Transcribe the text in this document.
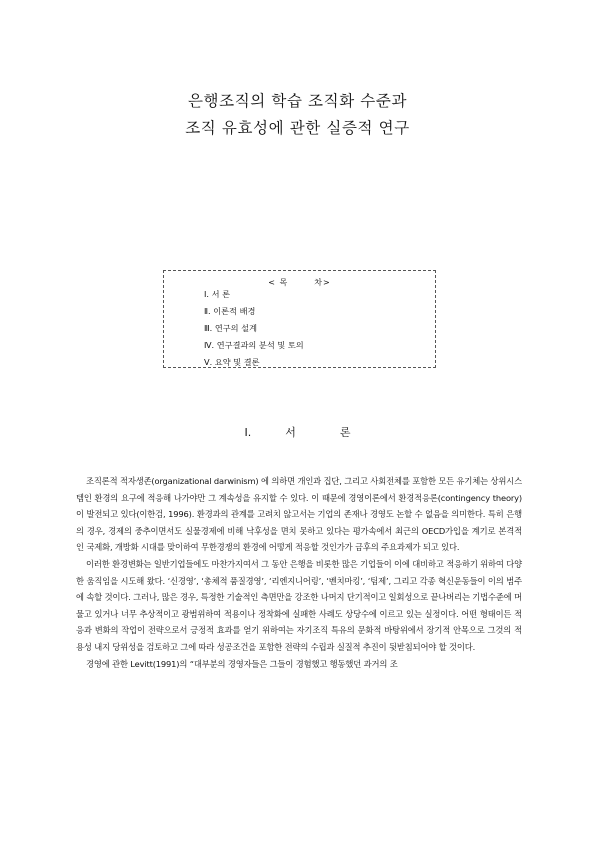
은행조직의 학습 조직화 수준과
조직 유효성에 관한 실증적 연구
< 목	차>
Ⅰ. 서 론
Ⅱ. 이론적 배경
Ⅲ. 연구의 설계
Ⅳ. 연구결과의 분석 및 토의
Ⅴ. 요약 및 결론
Ⅰ.	서	론

조직론적 적자생존(organizational darwinism) 에 의하면 개인과 집단, 그리고 사회전체를 포함한 모든 유기체는 상위시스템인 환경의 요구에 적응해 나가야만 그 계속성을 유지할 수 있다. 이 때문에 경영이론에서 환경적응론(contingency theory)이 발전되고 있다(이한검, 1996). 환경과의 관계를 고려치 않고서는 기업의 존재나 경영도 논할 수 없음을 의미한다. 특히 은행의 경우, 경제의 중추이면서도 실물경제에 비해 낙후성을 면치 못하고 있다는 평가속에서 최근의 OECD가입을 계기로 본격적인 국제화, 개방화 시대를 맞이하여 무한경쟁의 환경에 어떻게 적응할 것인가가 금후의 주요과제가 되고 있다.

이러한 환경변화는 일반기업들에도 마찬가지여서 그 동안 은행을 비롯한 많은 기업들이 이에 대비하고 적응하기 위하여 다양한 움직임을 시도해 왔다. ‘신경영’, ‘총체적 품질경영’, ‘리엔지니어링’, ‘벤치마킹’, ‘팀제’, 그리고 각종 혁신운동들이 이의 범주에 속할 것이다. 그러나, 많은 경우, 특정한 기술적인 측면만을 강조한 나머지 단기적이고 일회성으로 끝나버리는 기법수준에 머물고 있거나 너무 추상적이고 광범위하여 적용이나 정착화에 실패한 사례도 상당수에 이르고 있는 실정이다. 어떤 형태이든 적응과 변화의 작업이 전략으로서 긍정적 효과를 얻기 위하여는 자기조직 특유의 문화적 바탕위에서 장기적 안목으로 그것의 적용성 내지 당위성을 검토하고 그에 따라 성공조건을 포함한 전략의 수립과 실질적 추진이 뒷받침되어야 할 것이다.

경영에 관한 Levitt(1991)의 “대부분의 경영자들은 그들이 경험했고 행동했던 과거의 조
